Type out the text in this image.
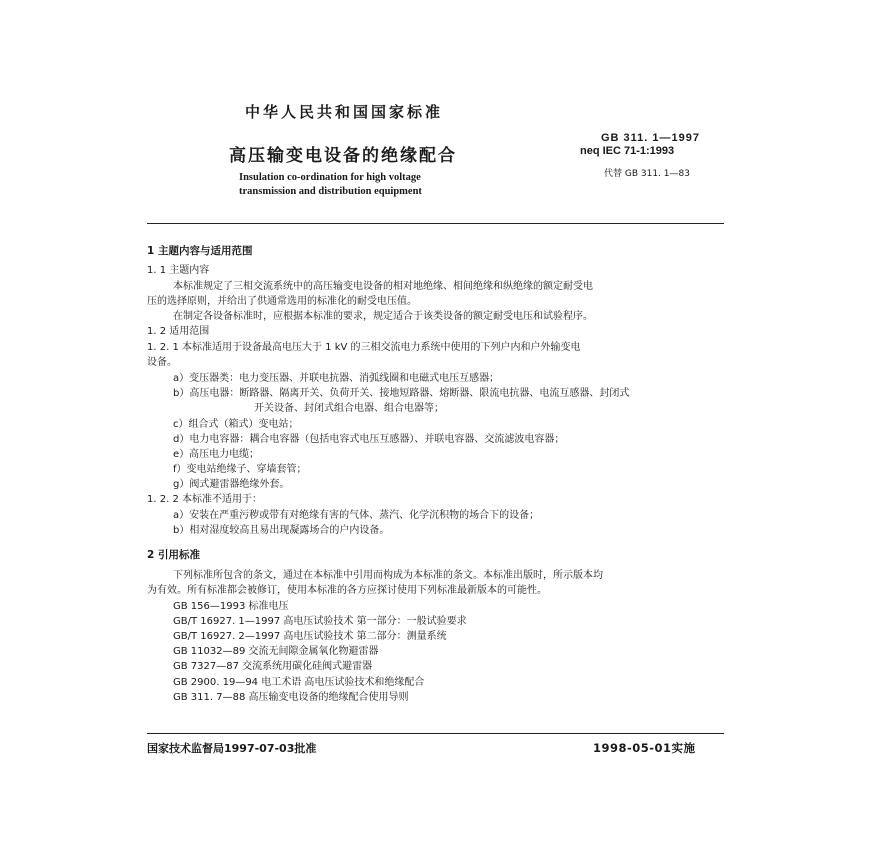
中华人民共和国国家标准
高压输变电设备的绝缘配合
Insulation co-ordination for high voltage
transmission and distribution equipment
GB 311. 1—1997
neq IEC 71-1:1993
代替 GB 311. 1—83
1 主题内容与适用范围
1. 1 主题内容
本标准规定了三相交流系统中的高压输变电设备的相对地绝缘、相间绝缘和纵绝缘的额定耐受电
压的选择原则，并给出了供通常选用的标准化的耐受电压值。
在制定各设备标准时，应根据本标准的要求，规定适合于该类设备的额定耐受电压和试验程序。
1. 2 适用范围
1. 2. 1 本标准适用于设备最高电压大于 1 kV 的三相交流电力系统中使用的下列户内和户外输变电
设备。
a）变压器类：电力变压器、并联电抗器、消弧线圈和电磁式电压互感器；
b）高压电器：断路器、隔离开关、负荷开关、接地短路器、熔断器、限流电抗器、电流互感器、封闭式
开关设备、封闭式组合电器、组合电器等；
c）组合式（箱式）变电站；
d）电力电容器：耦合电容器（包括电容式电压互感器）、并联电容器、交流滤波电容器；
e）高压电力电缆；
f）变电站绝缘子、穿墙套管；
g）阀式避雷器绝缘外套。
1. 2. 2 本标准不适用于：
a）安装在严重污秽或带有对绝缘有害的气体、蒸汽、化学沉积物的场合下的设备；
b）相对湿度较高且易出现凝露场合的户内设备。
2 引用标准
下列标准所包含的条文，通过在本标准中引用而构成为本标准的条文。本标准出版时，所示版本均
为有效。所有标准都会被修订，使用本标准的各方应探讨使用下列标准最新版本的可能性。
GB 156—1993 标准电压
GB/T 16927. 1—1997 高电压试验技术 第一部分：一般试验要求
GB/T 16927. 2—1997 高电压试验技术 第二部分：测量系统
GB 11032—89 交流无间隙金属氧化物避雷器
GB 7327—87 交流系统用碳化硅阀式避雷器
GB 2900. 19—94 电工术语 高电压试验技术和绝缘配合
GB 311. 7—88 高压输变电设备的绝缘配合使用导则
国家技术监督局1997-07-03批准	1998-05-01实施
